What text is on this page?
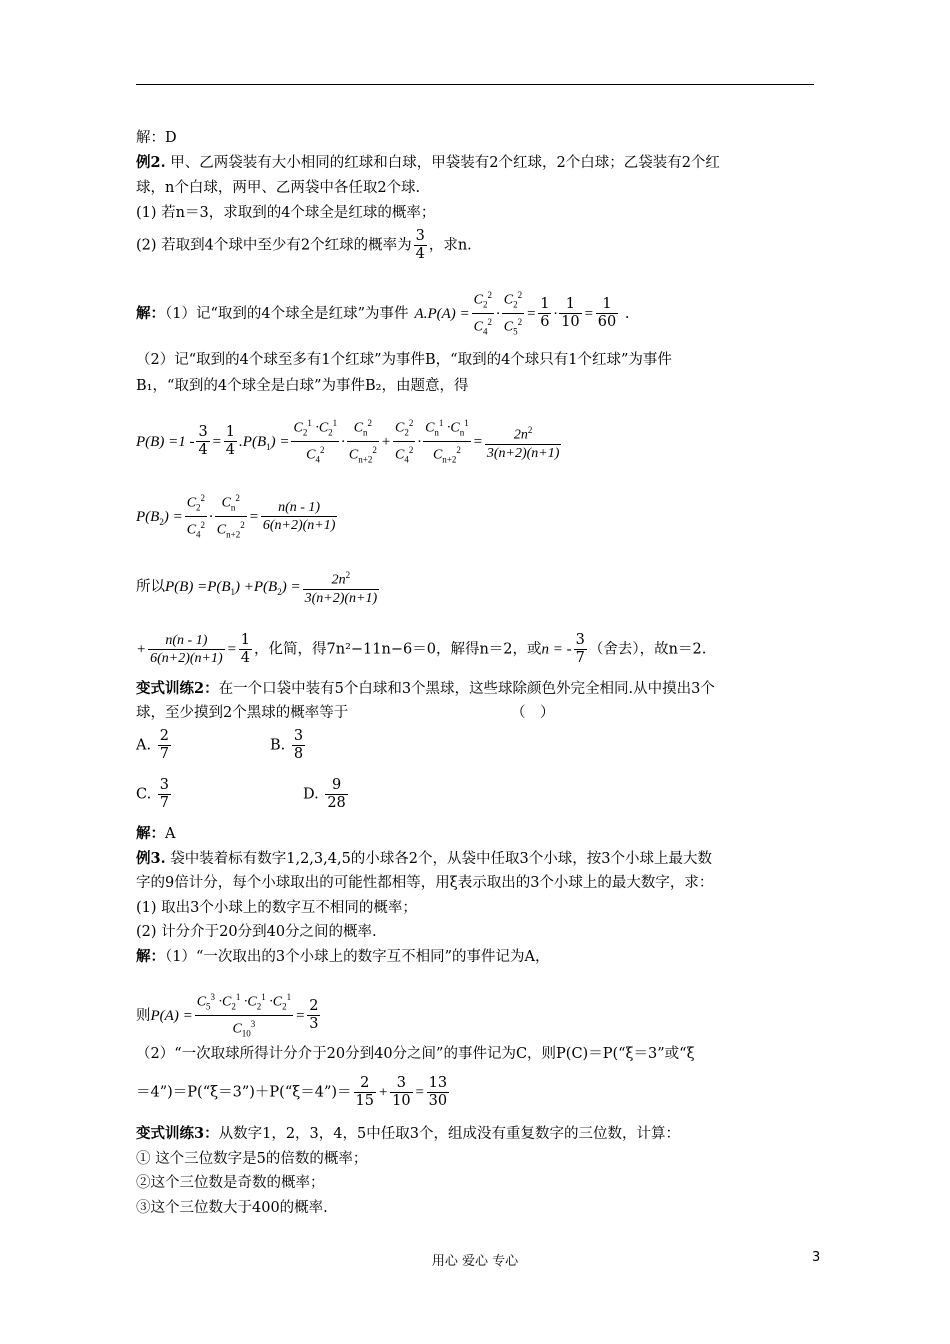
解：D
例2. 甲、乙两袋装有大小相同的红球和白球，甲袋装有2个红球，2个白球；乙袋装有2个红
球，n个白球，两甲、乙两袋中各任取2个球.
(1) 若n＝3，求取到的4个球全是红球的概率；
(2) 若取到4个球中至少有2个红球的概率为 $\frac{3}{4}$ ，求n.
解：（1）记“取到的4个球全是红球”为事件 $A.P(A) = \frac{C_2^2}{C_4^2} \cdot \frac{C_2^2}{C_5^2} = \frac{1}{6} \cdot \frac{1}{10} = \frac{1}{60}$ .
（2）记“取到的4个球至多有1个红球”为事件B，“取到的4个球只有1个红球”为事件
B₁，“取到的4个球全是白球”为事件B₂，由题意，得
$P(B) =1 - \frac{3}{4} = \frac{1}{4} .P(B_1) = \frac{C_2^1 \cdot C_2^1}{C_4^2} \cdot \frac{C_n^2}{C_{n+2}^2} + \frac{C_2^2}{C_4^2} \cdot \frac{C_n^1 \cdot C_n^1}{C_{n+2}^2} = \frac{2n^2}{3(n+2)(n+1)}$
$P(B_2) = \frac{C_2^2}{C_4^2} \cdot \frac{C_n^2}{C_{n+2}^2} = \frac{n(n - 1)}{6(n+2)(n+1)}$
所以$P(B) =P(B_1) +P(B_2) = \frac{2n^2}{3(n+2)(n+1)}$
+ $\frac{n(n - 1)}{6(n+2)(n+1)} = \frac{1}{4}$ ，化简，得7n²−11n−6＝0，解得n＝2，或n = - $\frac{3}{7}$ （舍去），故n＝2.
变式训练2：在一个口袋中装有5个白球和3个黑球，这些球除颜色外完全相同.从中摸出3个
球，至少摸到2个黑球的概率等于	（　）
A. $\frac{2}{7}$	B. $\frac{3}{8}$
C. $\frac{3}{7}$	D. $\frac{9}{28}$
解：A
例3. 袋中装着标有数字1,2,3,4,5的小球各2个，从袋中任取3个小球，按3个小球上最大数
字的9倍计分，每个小球取出的可能性都相等，用ξ表示取出的3个小球上的最大数字，求：
(1) 取出3个小球上的数字互不相同的概率；
(2) 计分介于20分到40分之间的概率.
解：（1）“一次取出的3个小球上的数字互不相同”的事件记为A，
则$P(A) = \frac{C_5^3 \cdot C_2^1 \cdot C_2^1 \cdot C_2^1}{C_{10}^3} = \frac{2}{3}$
（2）“一次取球所得计分介于20分到40分之间”的事件记为C，则P(C)＝P(“ξ＝3”或“ξ
＝4”)＝P(“ξ＝3”)＋P(“ξ＝4”)＝ $\frac{2}{15} + \frac{3}{10} = \frac{13}{30}$
变式训练3：从数字1，2，3，4，5中任取3个，组成没有重复数字的三位数，计算：
① 这个三位数字是5的倍数的概率；
②这个三位数是奇数的概率；
③这个三位数大于400的概率.
用心 爱心 专心	3
